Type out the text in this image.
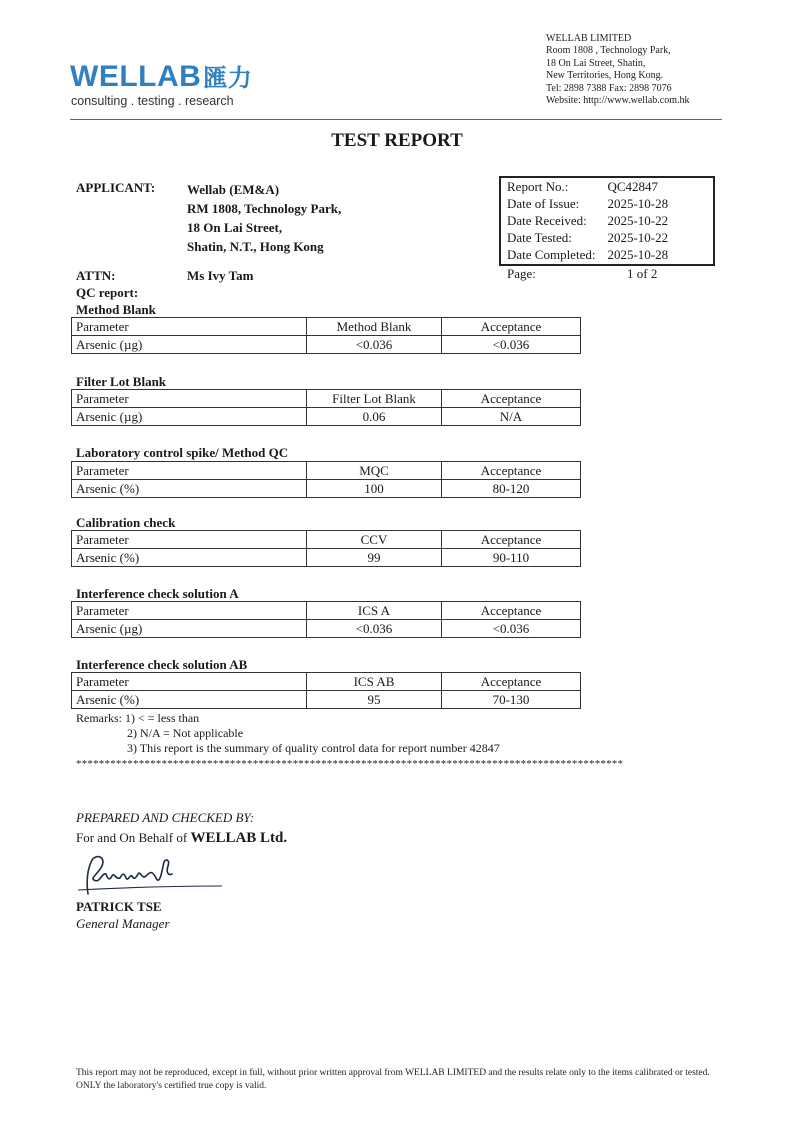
WELLAB匯力
consulting . testing . research
WELLAB LIMITED
Room 1808 , Technology Park,
18 On Lai Street, Shatin,
New Territories, Hong Kong.
Tel: 2898 7388 Fax: 2898 7076
Website: http://www.wellab.com.hk
TEST REPORT
APPLICANT: Wellab (EM&A)
RM 1808, Technology Park,
18 On Lai Street,
Shatin, N.T., Hong Kong
Report No.:	QC42847
Date of Issue:	2025-10-28
Date Received:	2025-10-22
Date Tested:	2025-10-22
Date Completed:	2025-10-28
Page:	1 of 2
ATTN:	Ms Ivy Tam
QC report:
Method Blank
Parameter	Method Blank	Acceptance
Arsenic (µg)	<0.036	<0.036
Filter Lot Blank
Parameter	Filter Lot Blank	Acceptance
Arsenic (µg)	0.06	N/A
Laboratory control spike/ Method QC
Parameter	MQC	Acceptance
Arsenic (%)	100	80-120
Calibration check
Parameter	CCV	Acceptance
Arsenic (%)	99	90-110
Interference check solution A
Parameter	ICS A	Acceptance
Arsenic (µg)	<0.036	<0.036
Interference check solution AB
Parameter	ICS AB	Acceptance
Arsenic (%)	95	70-130
Remarks: 1) < = less than
2) N/A = Not applicable
3) This report is the summary of quality control data for report number 42847
************************************************************************************************
PREPARED AND CHECKED BY:
For and On Behalf of WELLAB Ltd.
PATRICK TSE
General Manager
This report may not be reproduced, except in full, without prior written approval from WELLAB LIMITED and the results relate only to the items calibrated or tested. ONLY the laboratory's certified true copy is valid.
